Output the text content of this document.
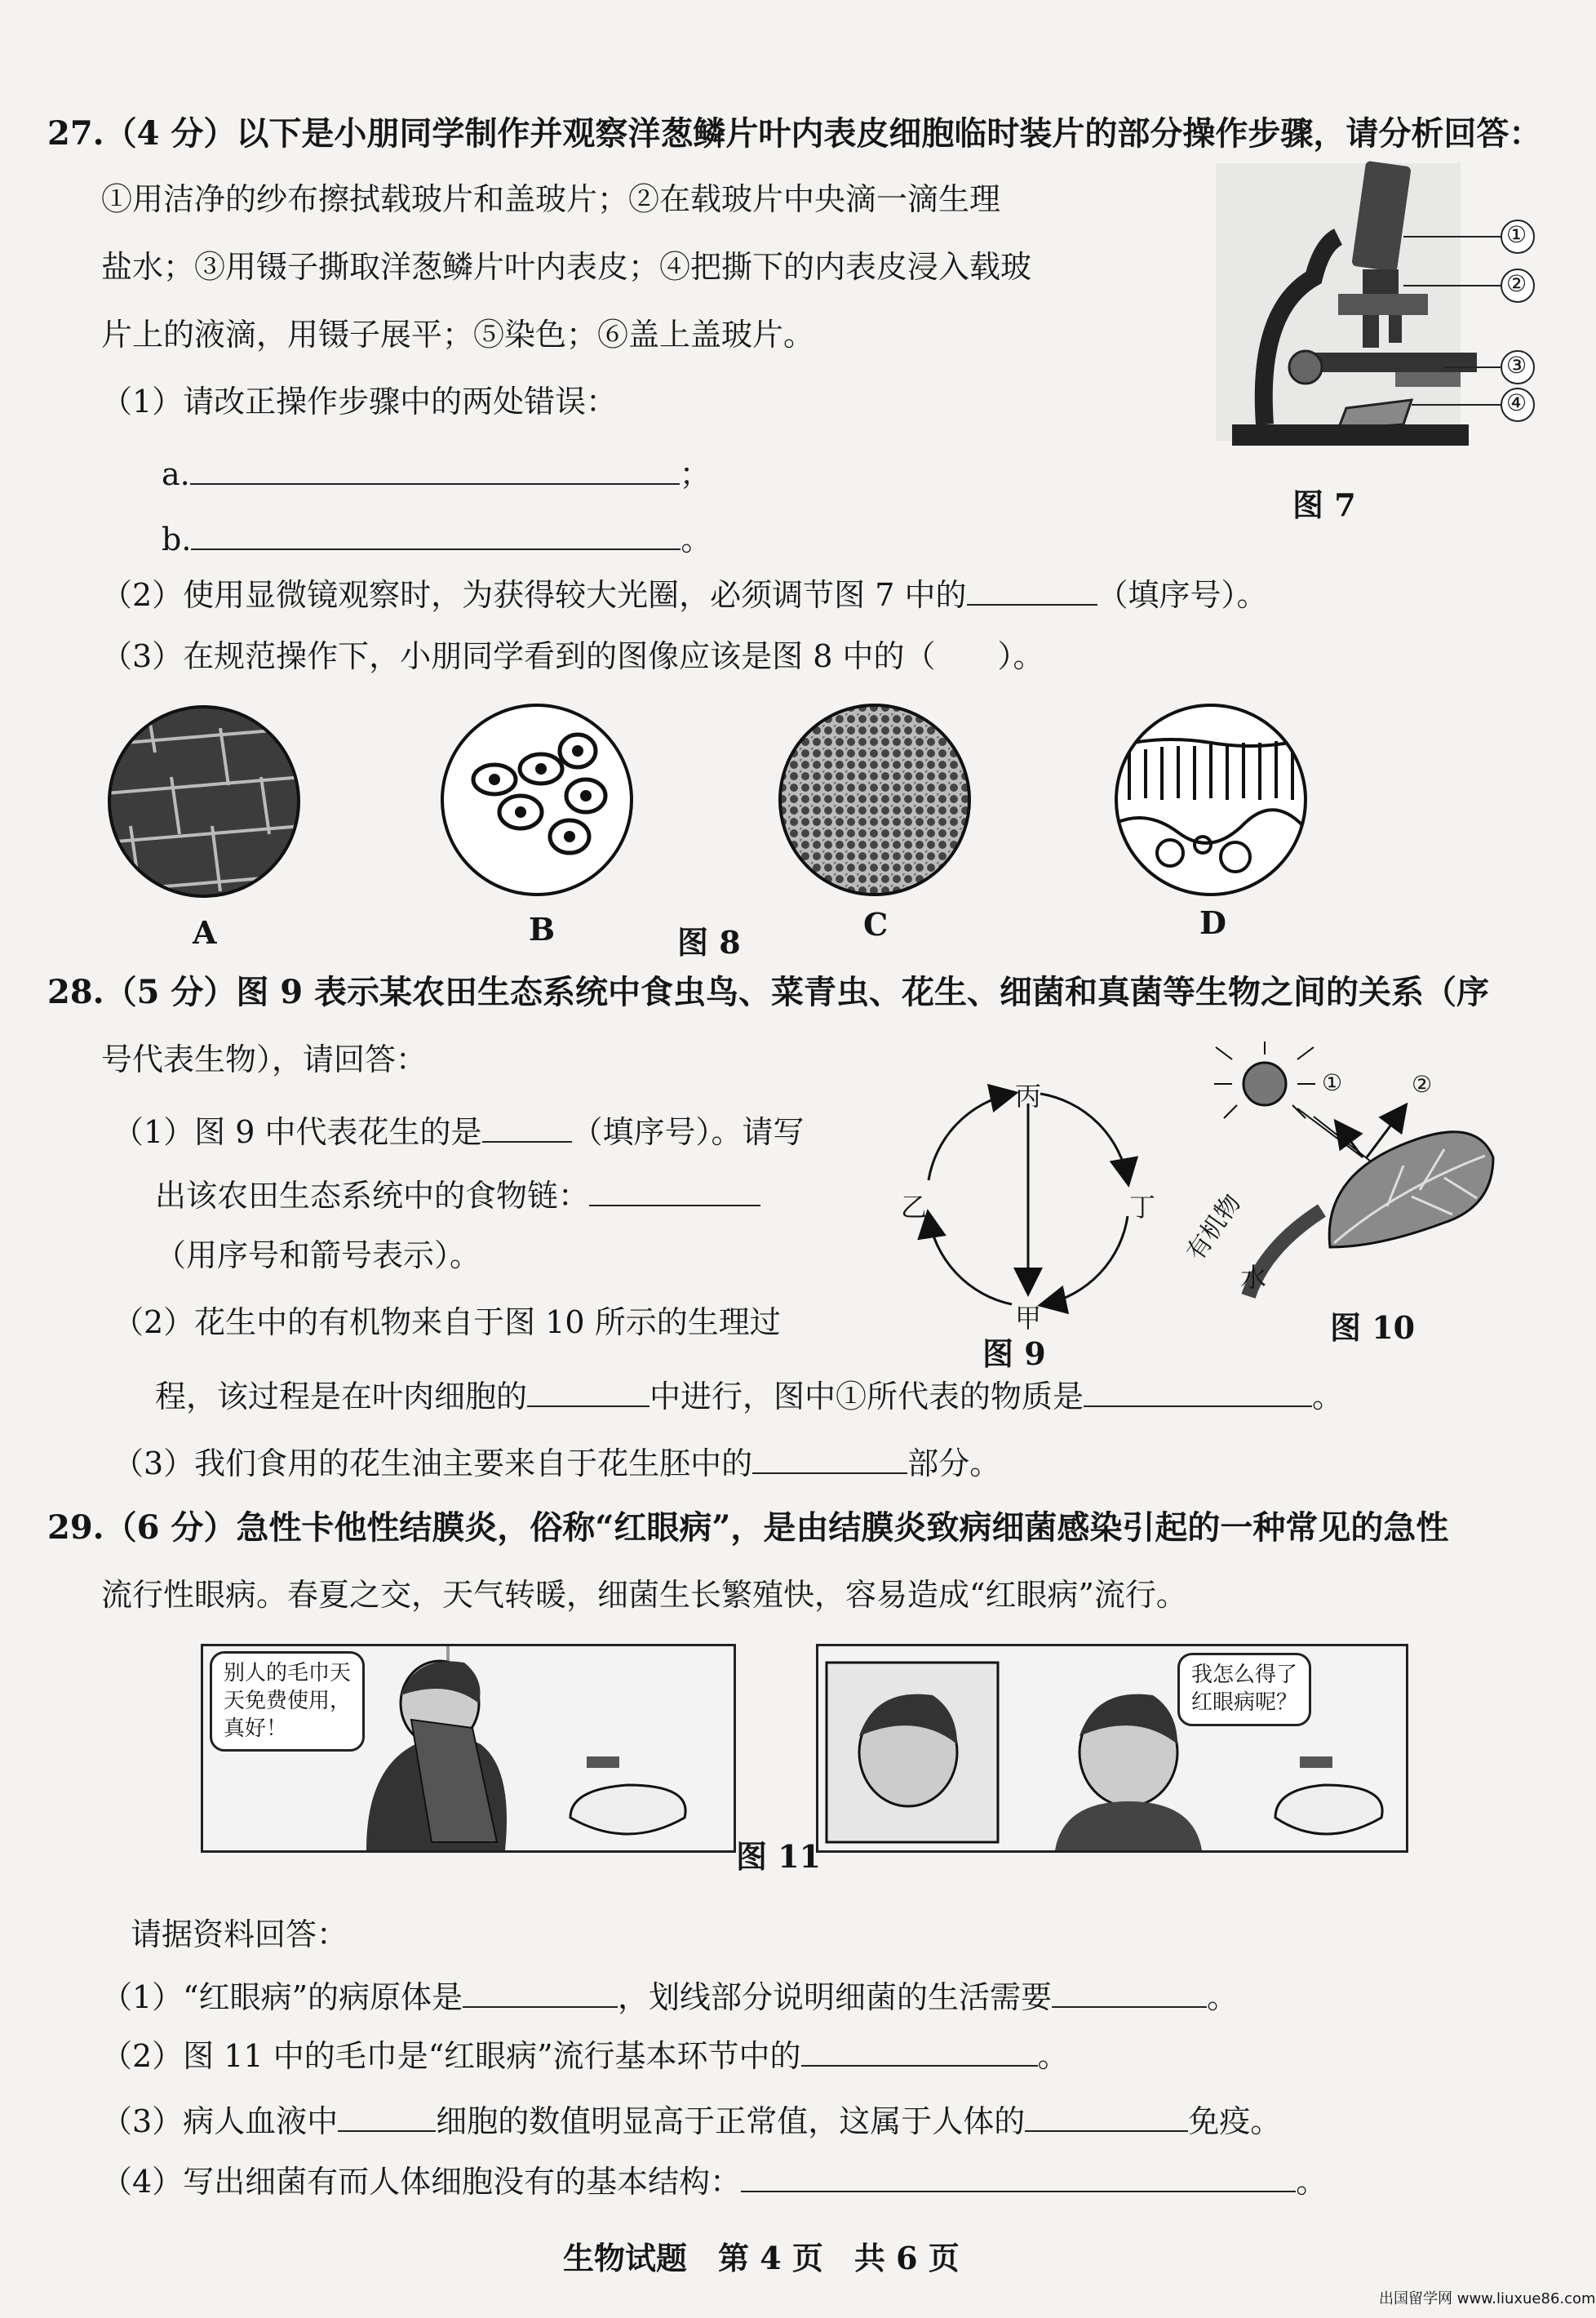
27.（4 分）以下是小朋同学制作并观察洋葱鳞片叶内表皮细胞临时装片的部分操作步骤，请分析回答：
①用洁净的纱布擦拭载玻片和盖玻片；②在载玻片中央滴一滴生理
盐水；③用镊子撕取洋葱鳞片叶内表皮；④把撕下的内表皮浸入载玻
片上的液滴，用镊子展平；⑤染色；⑥盖上盖玻片。
（1）请改正操作步骤中的两处错误：
a.	；
b.	。
（2）使用显微镜观察时，为获得较大光圈，必须调节图 7 中的	（填序号）。
（3）在规范操作下，小朋同学看到的图像应该是图 8 中的（　　）。
①
②
③
④
图 7
A	B	图 8	C	D
28.（5 分）图 9 表示某农田生态系统中食虫鸟、菜青虫、花生、细菌和真菌等生物之间的关系（序
号代表生物），请回答：
（1）图 9 中代表花生的是	（填序号）。请写
出该农田生态系统中的食物链：
（用序号和箭号表示）。
（2）花生中的有机物来自于图 10 所示的生理过
程，该过程是在叶肉细胞的	中进行，图中①所代表的物质是	。
（3）我们食用的花生油主要来自于花生胚中的	部分。
丙
丁
甲
乙
图 9
①	②
有机物
水
图 10
29.（6 分）急性卡他性结膜炎，俗称“红眼病”，是由结膜炎致病细菌感染引起的一种常见的急性
流行性眼病。春夏之交，天气转暖，细菌生长繁殖快，容易造成“红眼病”流行。
别人的毛巾天
天免费使用，
真好！
我怎么得了
红眼病呢？
图 11
请据资料回答：
（1）“红眼病”的病原体是	，划线部分说明细菌的生活需要	。
（2）图 11 中的毛巾是“红眼病”流行基本环节中的	。
（3）病人血液中	细胞的数值明显高于正常值，这属于人体的	免疫。
（4）写出细菌有而人体细胞没有的基本结构：	。
生物试题　第 4 页　共 6 页
出国留学网 www.liuxue86.com
